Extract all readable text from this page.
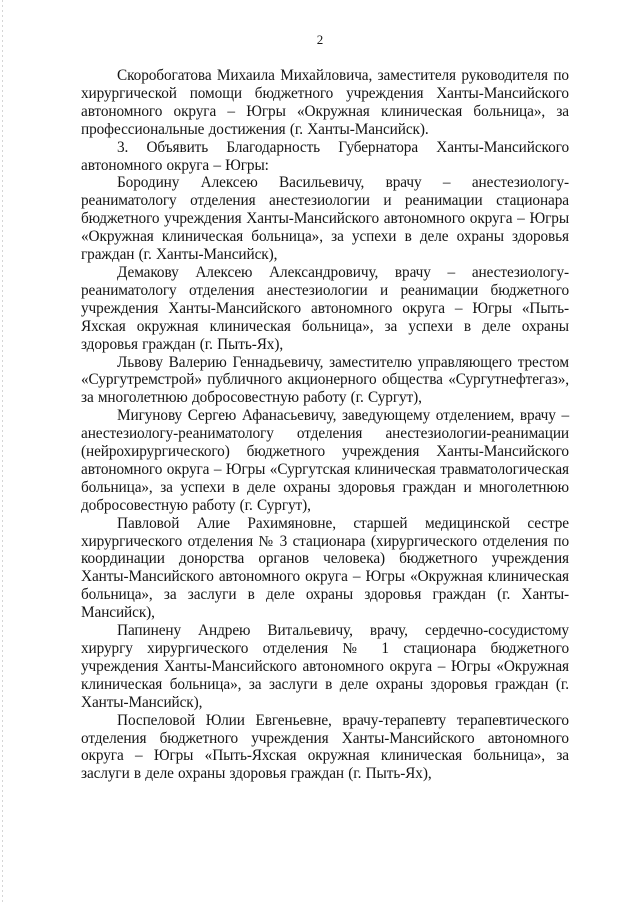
2

Скоробогатова Михаила Михайловича, заместителя руководителя по хирургической помощи бюджетного учреждения Ханты-Мансийского автономного округа – Югры «Окружная клиническая больница», за профессиональные достижения (г. Ханты-Мансийск).

3. Объявить Благодарность Губернатора Ханты-Мансийского автономного округа – Югры:

Бородину Алексею Васильевичу, врачу – анестезиологу-реаниматологу отделения анестезиологии и реанимации стационара бюджетного учреждения Ханты-Мансийского автономного округа – Югры «Окружная клиническая больница», за успехи в деле охраны здоровья граждан (г. Ханты-Мансийск),

Демакову Алексею Александровичу, врачу – анестезиологу-реаниматологу отделения анестезиологии и реанимации бюджетного учреждения Ханты-Мансийского автономного округа – Югры «Пыть-Яхская окружная клиническая больница», за успехи в деле охраны здоровья граждан (г. Пыть-Ях),

Львову Валерию Геннадьевичу, заместителю управляющего трестом «Сургутремстрой» публичного акционерного общества «Сургутнефтегаз», за многолетнюю добросовестную работу (г. Сургут),

Мигунову Сергею Афанасьевичу, заведующему отделением, врачу – анестезиологу-реаниматологу отделения анестезиологии-реанимации (нейрохирургического) бюджетного учреждения Ханты-Мансийского автономного округа – Югры «Сургутская клиническая травматологическая больница», за успехи в деле охраны здоровья граждан и многолетнюю добросовестную работу (г. Сургут),

Павловой Алие Рахимяновне, старшей медицинской сестре хирургического отделения № 3 стационара (хирургического отделения по координации донорства органов человека) бюджетного учреждения Ханты-Мансийского автономного округа – Югры «Окружная клиническая больница», за заслуги в деле охраны здоровья граждан (г. Ханты-Мансийск),

Папинену Андрею Витальевичу, врачу, сердечно-сосудистому хирургу хирургического отделения № 1 стационара бюджетного учреждения Ханты-Мансийского автономного округа – Югры «Окружная клиническая больница», за заслуги в деле охраны здоровья граждан (г. Ханты-Мансийск),

Поспеловой Юлии Евгеньевне, врачу-терапевту терапевтического отделения бюджетного учреждения Ханты-Мансийского автономного округа – Югры «Пыть-Яхская окружная клиническая больница», за заслуги в деле охраны здоровья граждан (г. Пыть-Ях),
